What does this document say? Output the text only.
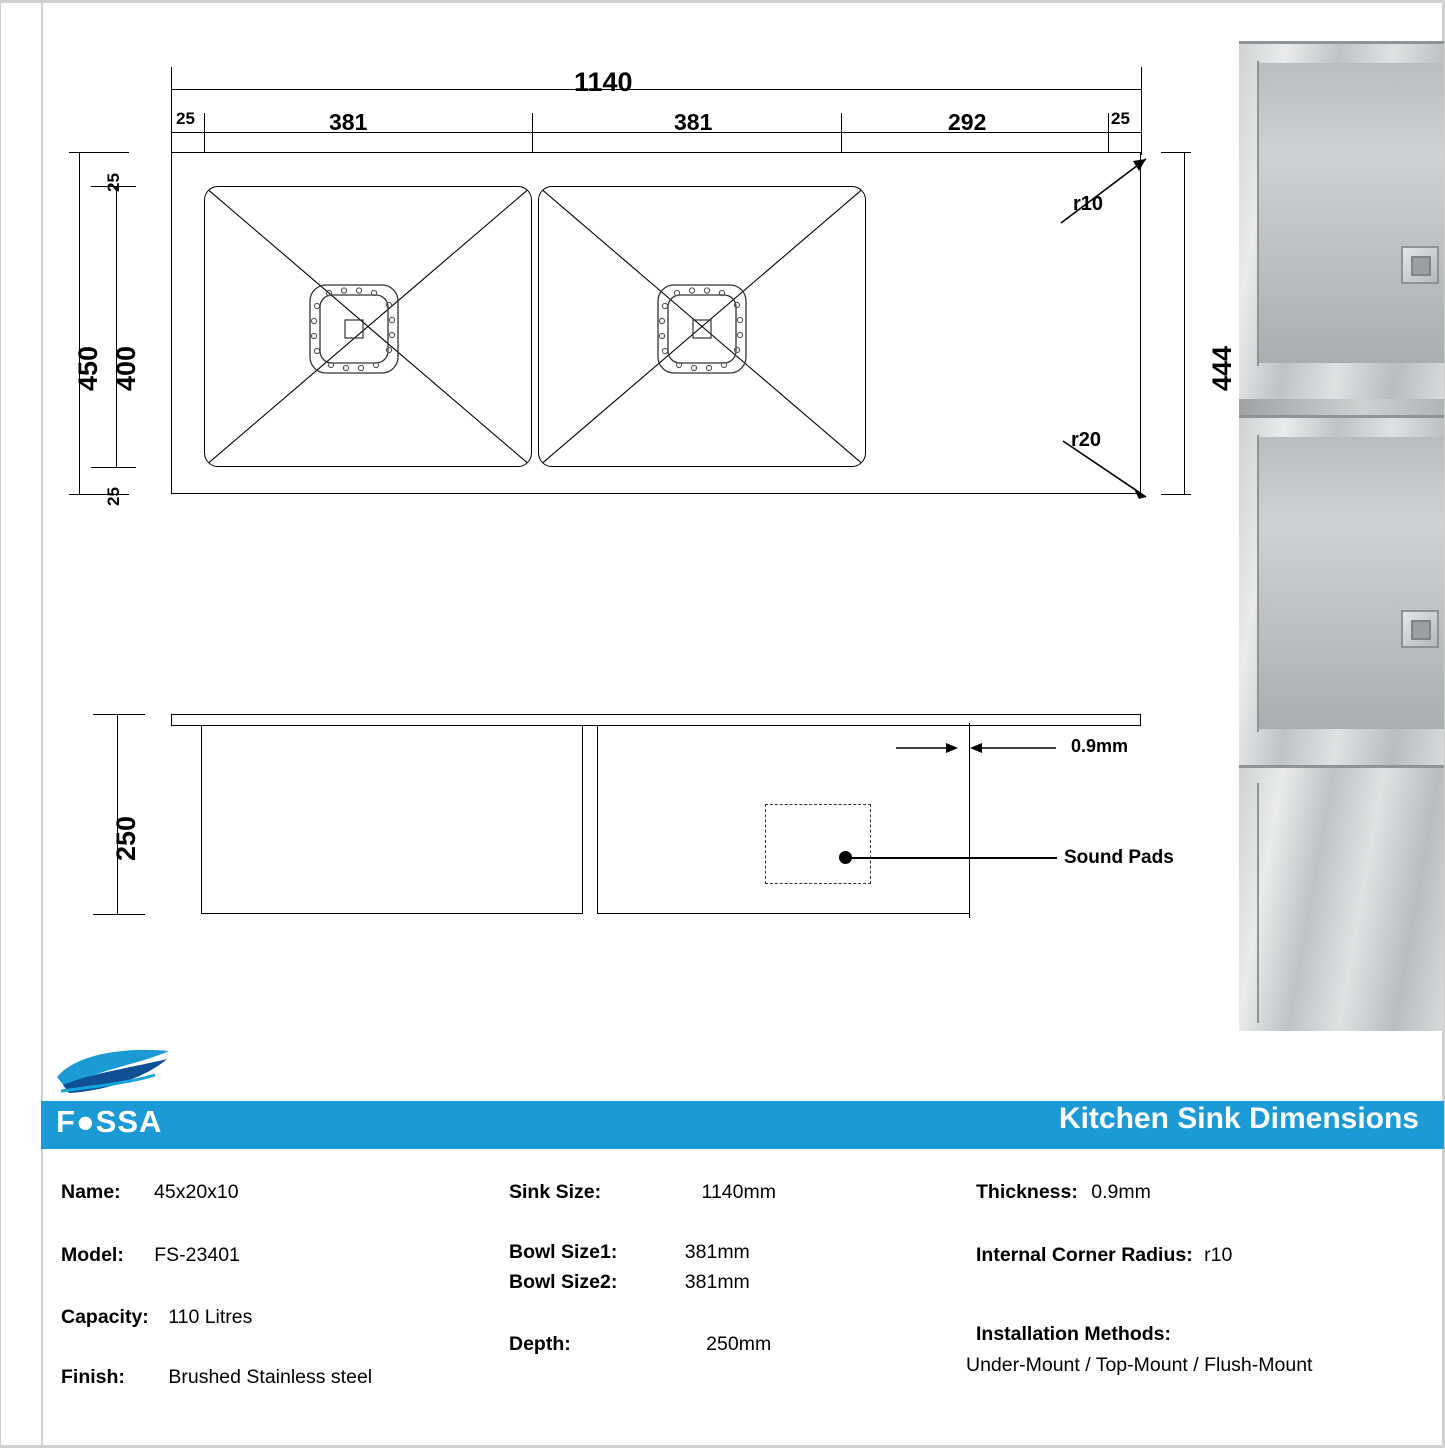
1140
25	381	381	292	25
450 400
25
25
444
r10
r20
250
0.9mm
Sound Pads
F●SSA	Kitchen Sink Dimensions
Name: 45x20x10
Model: FS-23401
Capacity: 110 Litres
Finish: Brushed Stainless steel
Sink Size:	1140mm
Bowl Size1:	381mm
Bowl Size2:	381mm
Depth:	250mm
Thickness: 0.9mm
Internal Corner Radius: r10
Installation Methods:
Under-Mount / Top-Mount / Flush-Mount
